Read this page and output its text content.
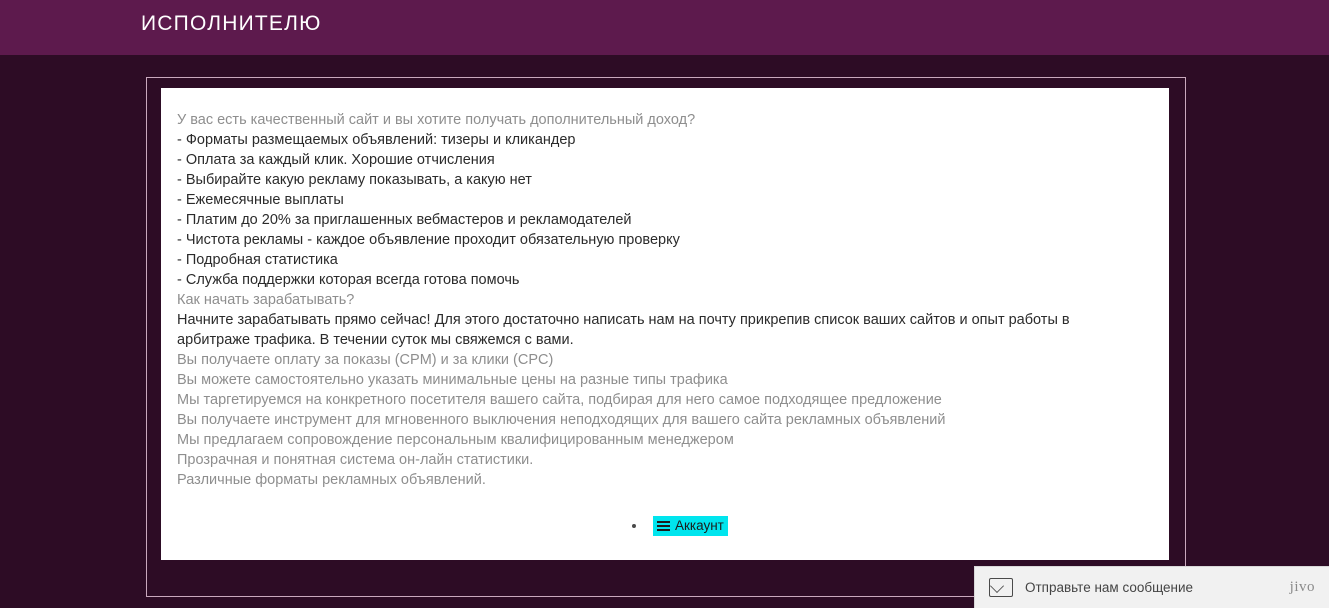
ИСПОЛНИТЕЛЮ
У вас есть качественный сайт и вы хотите получать дополнительный доход?
- Форматы размещаемых объявлений: тизеры и кликандер
- Оплата за каждый клик. Хорошие отчисления
- Выбирайте какую рекламу показывать, а какую нет
- Ежемесячные выплаты
- Платим до 20% за приглашенных вебмастеров и рекламодателей
- Чистота рекламы - каждое объявление проходит обязательную проверку
- Подробная статистика
- Служба поддержки которая всегда готова помочь
Как начать зарабатывать?
Начните зарабатывать прямо сейчас! Для этого достаточно написать нам на почту прикрепив список ваших сайтов и опыт работы в арбитраже трафика. В течении суток мы свяжемся с вами.
Вы получаете оплату за показы (CPM) и за клики (CPC)
Вы можете самостоятельно указать минимальные цены на разные типы трафика
Мы таргетируемся на конкретного посетителя вашего сайта, подбирая для него самое подходящее предложение
Вы получаете инструмент для мгновенного выключения неподходящих для вашего сайта рекламных объявлений
Мы предлагаем сопровождение персональным квалифицированным менеджером
Прозрачная и понятная система он-лайн статистики.
Различные форматы рекламных объявлений.
Аккаунт
Отправьте нам сообщение	jivo
